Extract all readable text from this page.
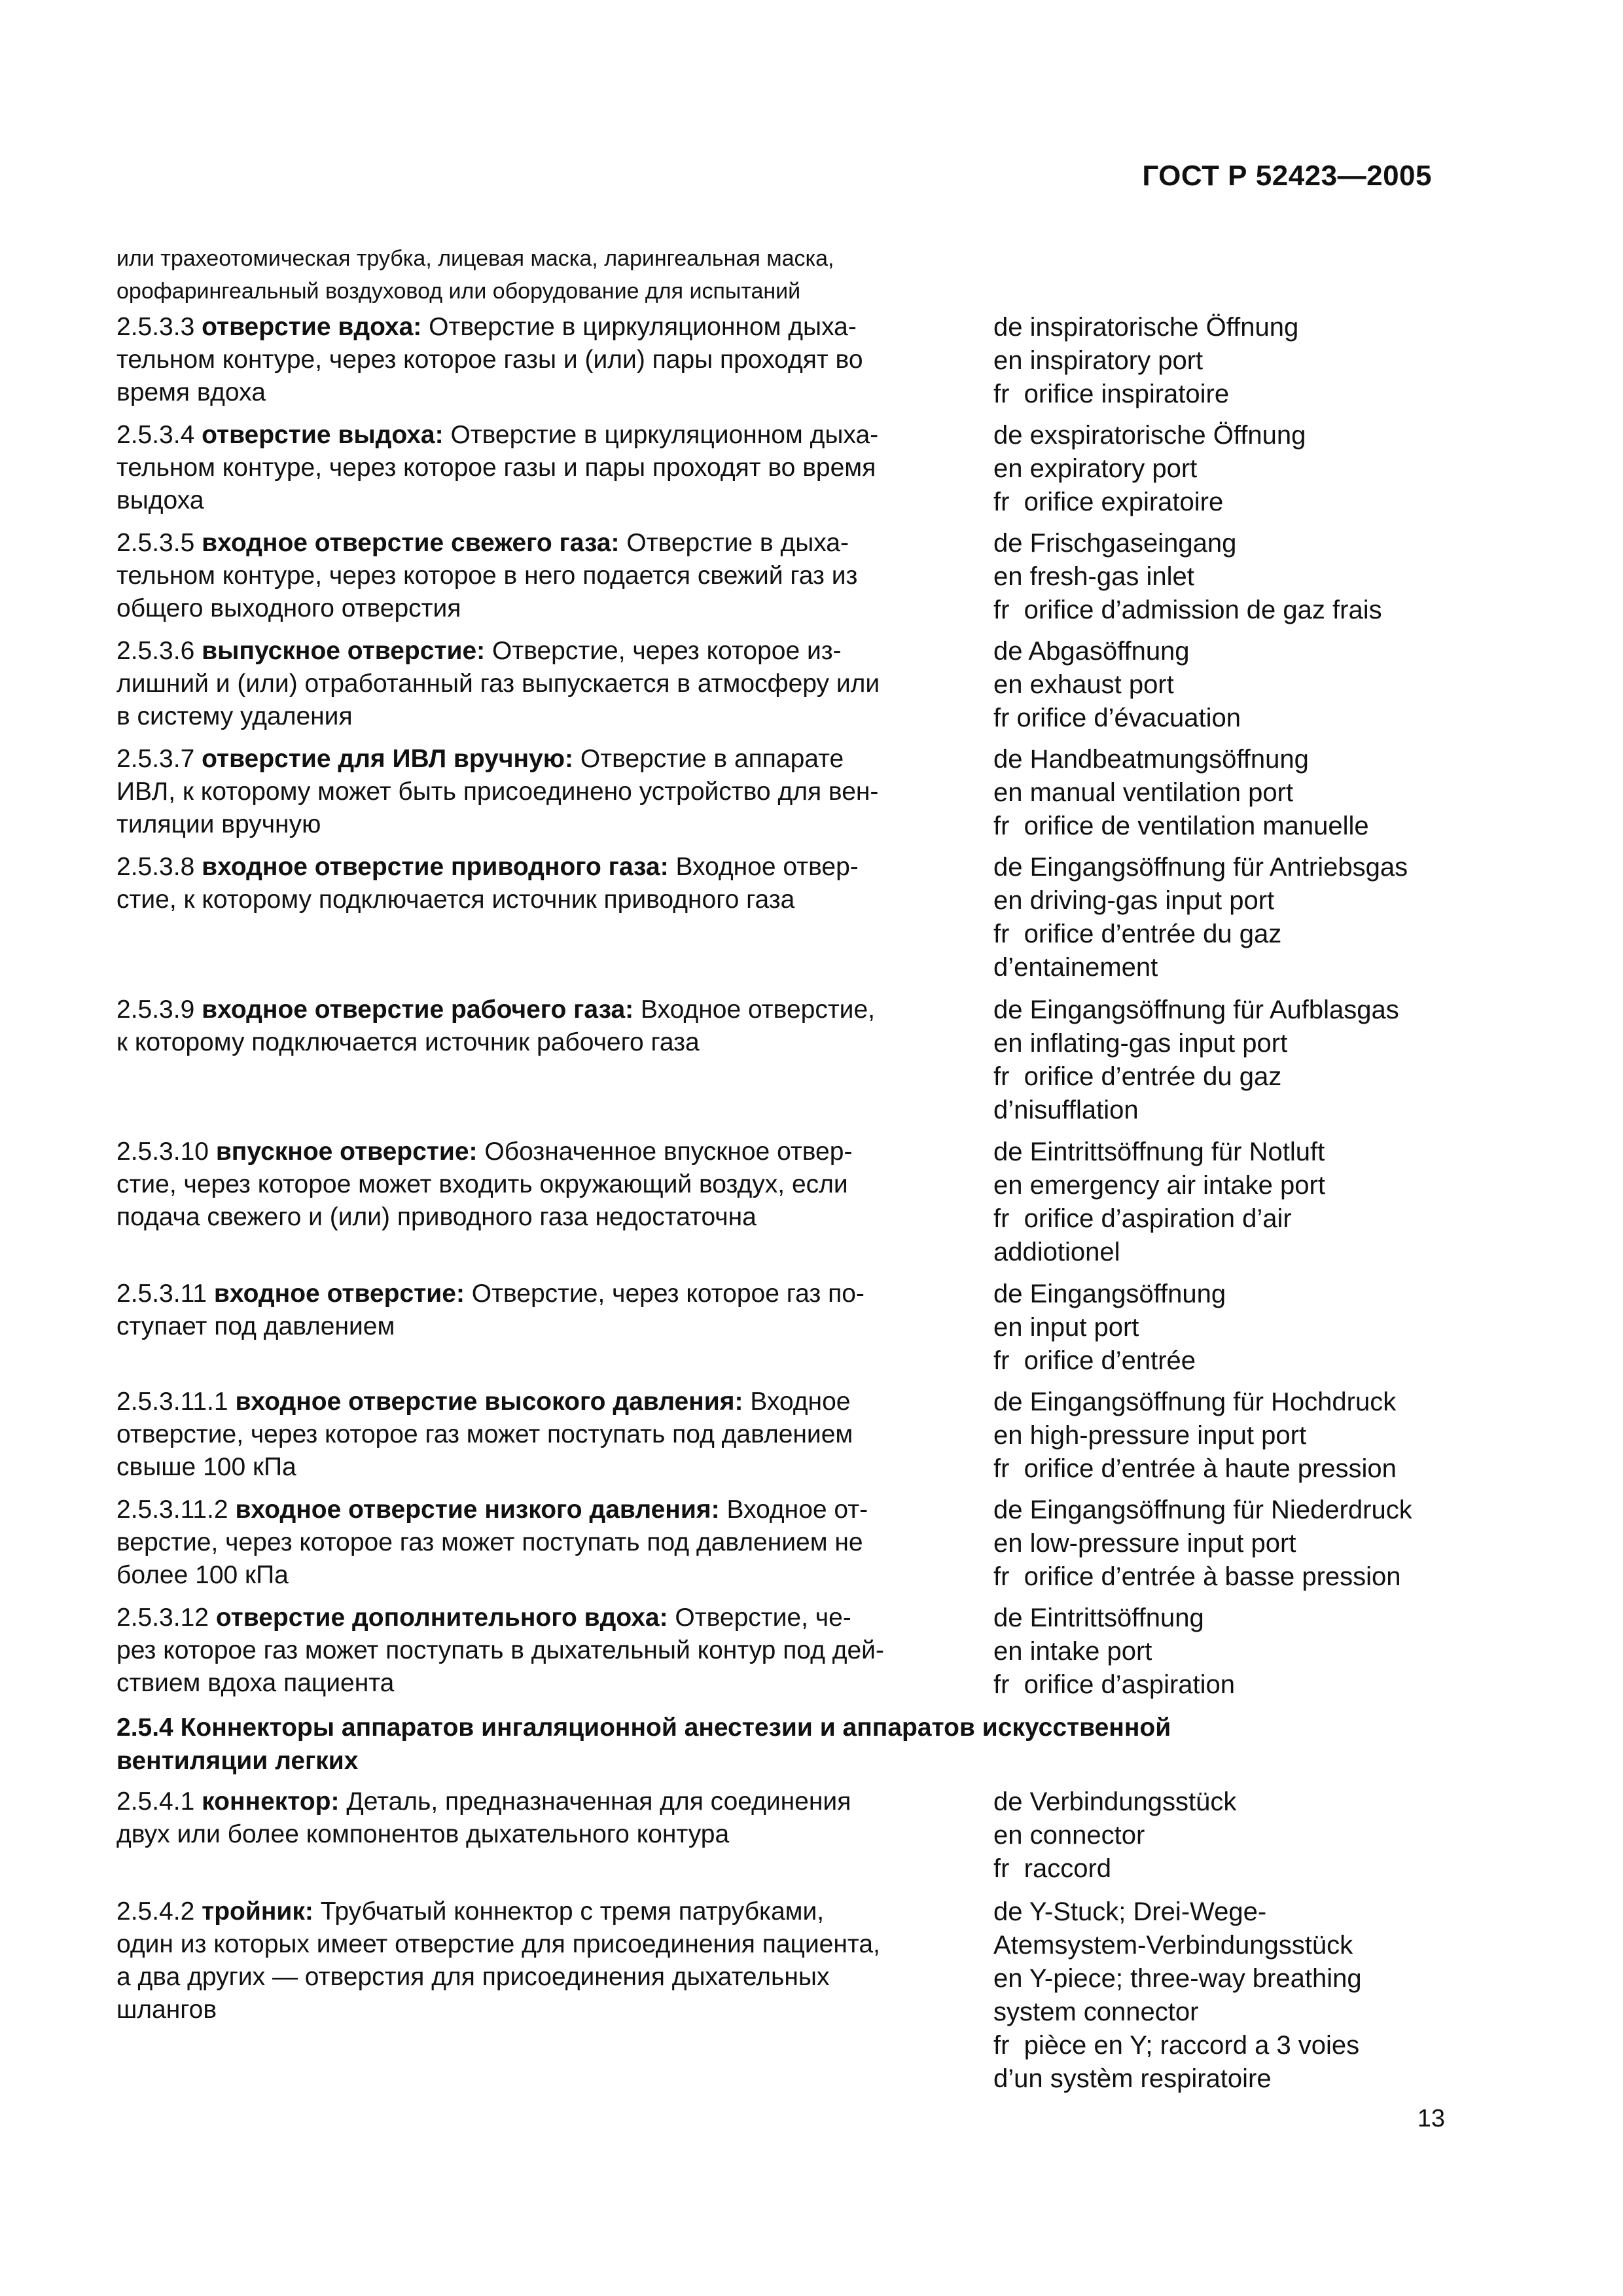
ГОСТ Р 52423—2005
или трахеотомическая трубка, лицевая маска, ларингеальная маска,
орофарингеальный воздуховод или оборудование для испытаний
2.5.3.3 отверстие вдоха: Отверстие в циркуляционном дыха-
тельном контуре, через которое газы и (или) пары проходят во
время вдоха
de inspiratorische Öffnung
en inspiratory port
fr  orifice inspiratoire
2.5.3.4 отверстие выдоха: Отверстие в циркуляционном дыха-
тельном контуре, через которое газы и пары проходят во время
выдоха
de exspiratorische Öffnung
en expiratory port
fr  orifice expiratoire
2.5.3.5 входное отверстие свежего газа: Отверстие в дыха-
тельном контуре, через которое в него подается свежий газ из
общего выходного отверстия
de Frischgaseingang
en fresh-gas inlet
fr  orifice d’admission de gaz frais
2.5.3.6 выпускное отверстие: Отверстие, через которое из-
лишний и (или) отработанный газ выпускается в атмосферу или
в систему удаления
de Abgasöffnung
en exhaust port
fr orifice d’évacuation
2.5.3.7 отверстие для ИВЛ вручную: Отверстие в аппарате
ИВЛ, к которому может быть присоединено устройство для вен-
тиляции вручную
de Handbeatmungsöffnung
en manual ventilation port
fr  orifice de ventilation manuelle
2.5.3.8 входное отверстие приводного газа: Входное отвер-
стие, к которому подключается источник приводного газа
de Eingangsöffnung für Antriebsgas
en driving-gas input port
fr  orifice d’entrée du gaz
d’entainement
2.5.3.9 входное отверстие рабочего газа: Входное отверстие,
к которому подключается источник рабочего газа
de Eingangsöffnung für Aufblasgas
en inflating-gas input port
fr  orifice d’entrée du gaz
d’nisufflation
2.5.3.10 впускное отверстие: Обозначенное впускное отвер-
стие, через которое может входить окружающий воздух, если
подача свежего и (или) приводного газа недостаточна
de Eintrittsöffnung für Notluft
en emergency air intake port
fr  orifice d’aspiration d’air
addiotionel
2.5.3.11 входное отверстие: Отверстие, через которое газ по-
ступает под давлением
de Eingangsöffnung
en input port
fr  orifice d’entrée
2.5.3.11.1 входное отверстие высокого давления: Входное
отверстие, через которое газ может поступать под давлением
свыше 100 кПа
de Eingangsöffnung für Hochdruck
en high-pressure input port
fr  orifice d’entrée à haute pression
2.5.3.11.2 входное отверстие низкого давления: Входное от-
верстие, через которое газ может поступать под давлением не
более 100 кПа
de Eingangsöffnung für Niederdruck
en low-pressure input port
fr  orifice d’entrée à basse pression
2.5.3.12 отверстие дополнительного вдоха: Отверстие, че-
рез которое газ может поступать в дыхательный контур под дей-
ствием вдоха пациента
de Eintrittsöffnung
en intake port
fr  orifice d’aspiration
2.5.4 Коннекторы аппаратов ингаляционной анестезии и аппаратов искусственной
вентиляции легких
2.5.4.1 коннектор: Деталь, предназначенная для соединения
двух или более компонентов дыхательного контура
de Verbindungsstück
en connector
fr  raccord
2.5.4.2 тройник: Трубчатый коннектор с тремя патрубками,
один из которых имеет отверстие для присоединения пациента,
а два других — отверстия для присоединения дыхательных
шлангов
de Y-Stuck; Drei-Wege-
Atemsystem-Verbindungsstück
en Y-piece; three-way breathing
system connector
fr  pièce en Y; raccord a 3 voies
d’un systèm respiratoire
13
